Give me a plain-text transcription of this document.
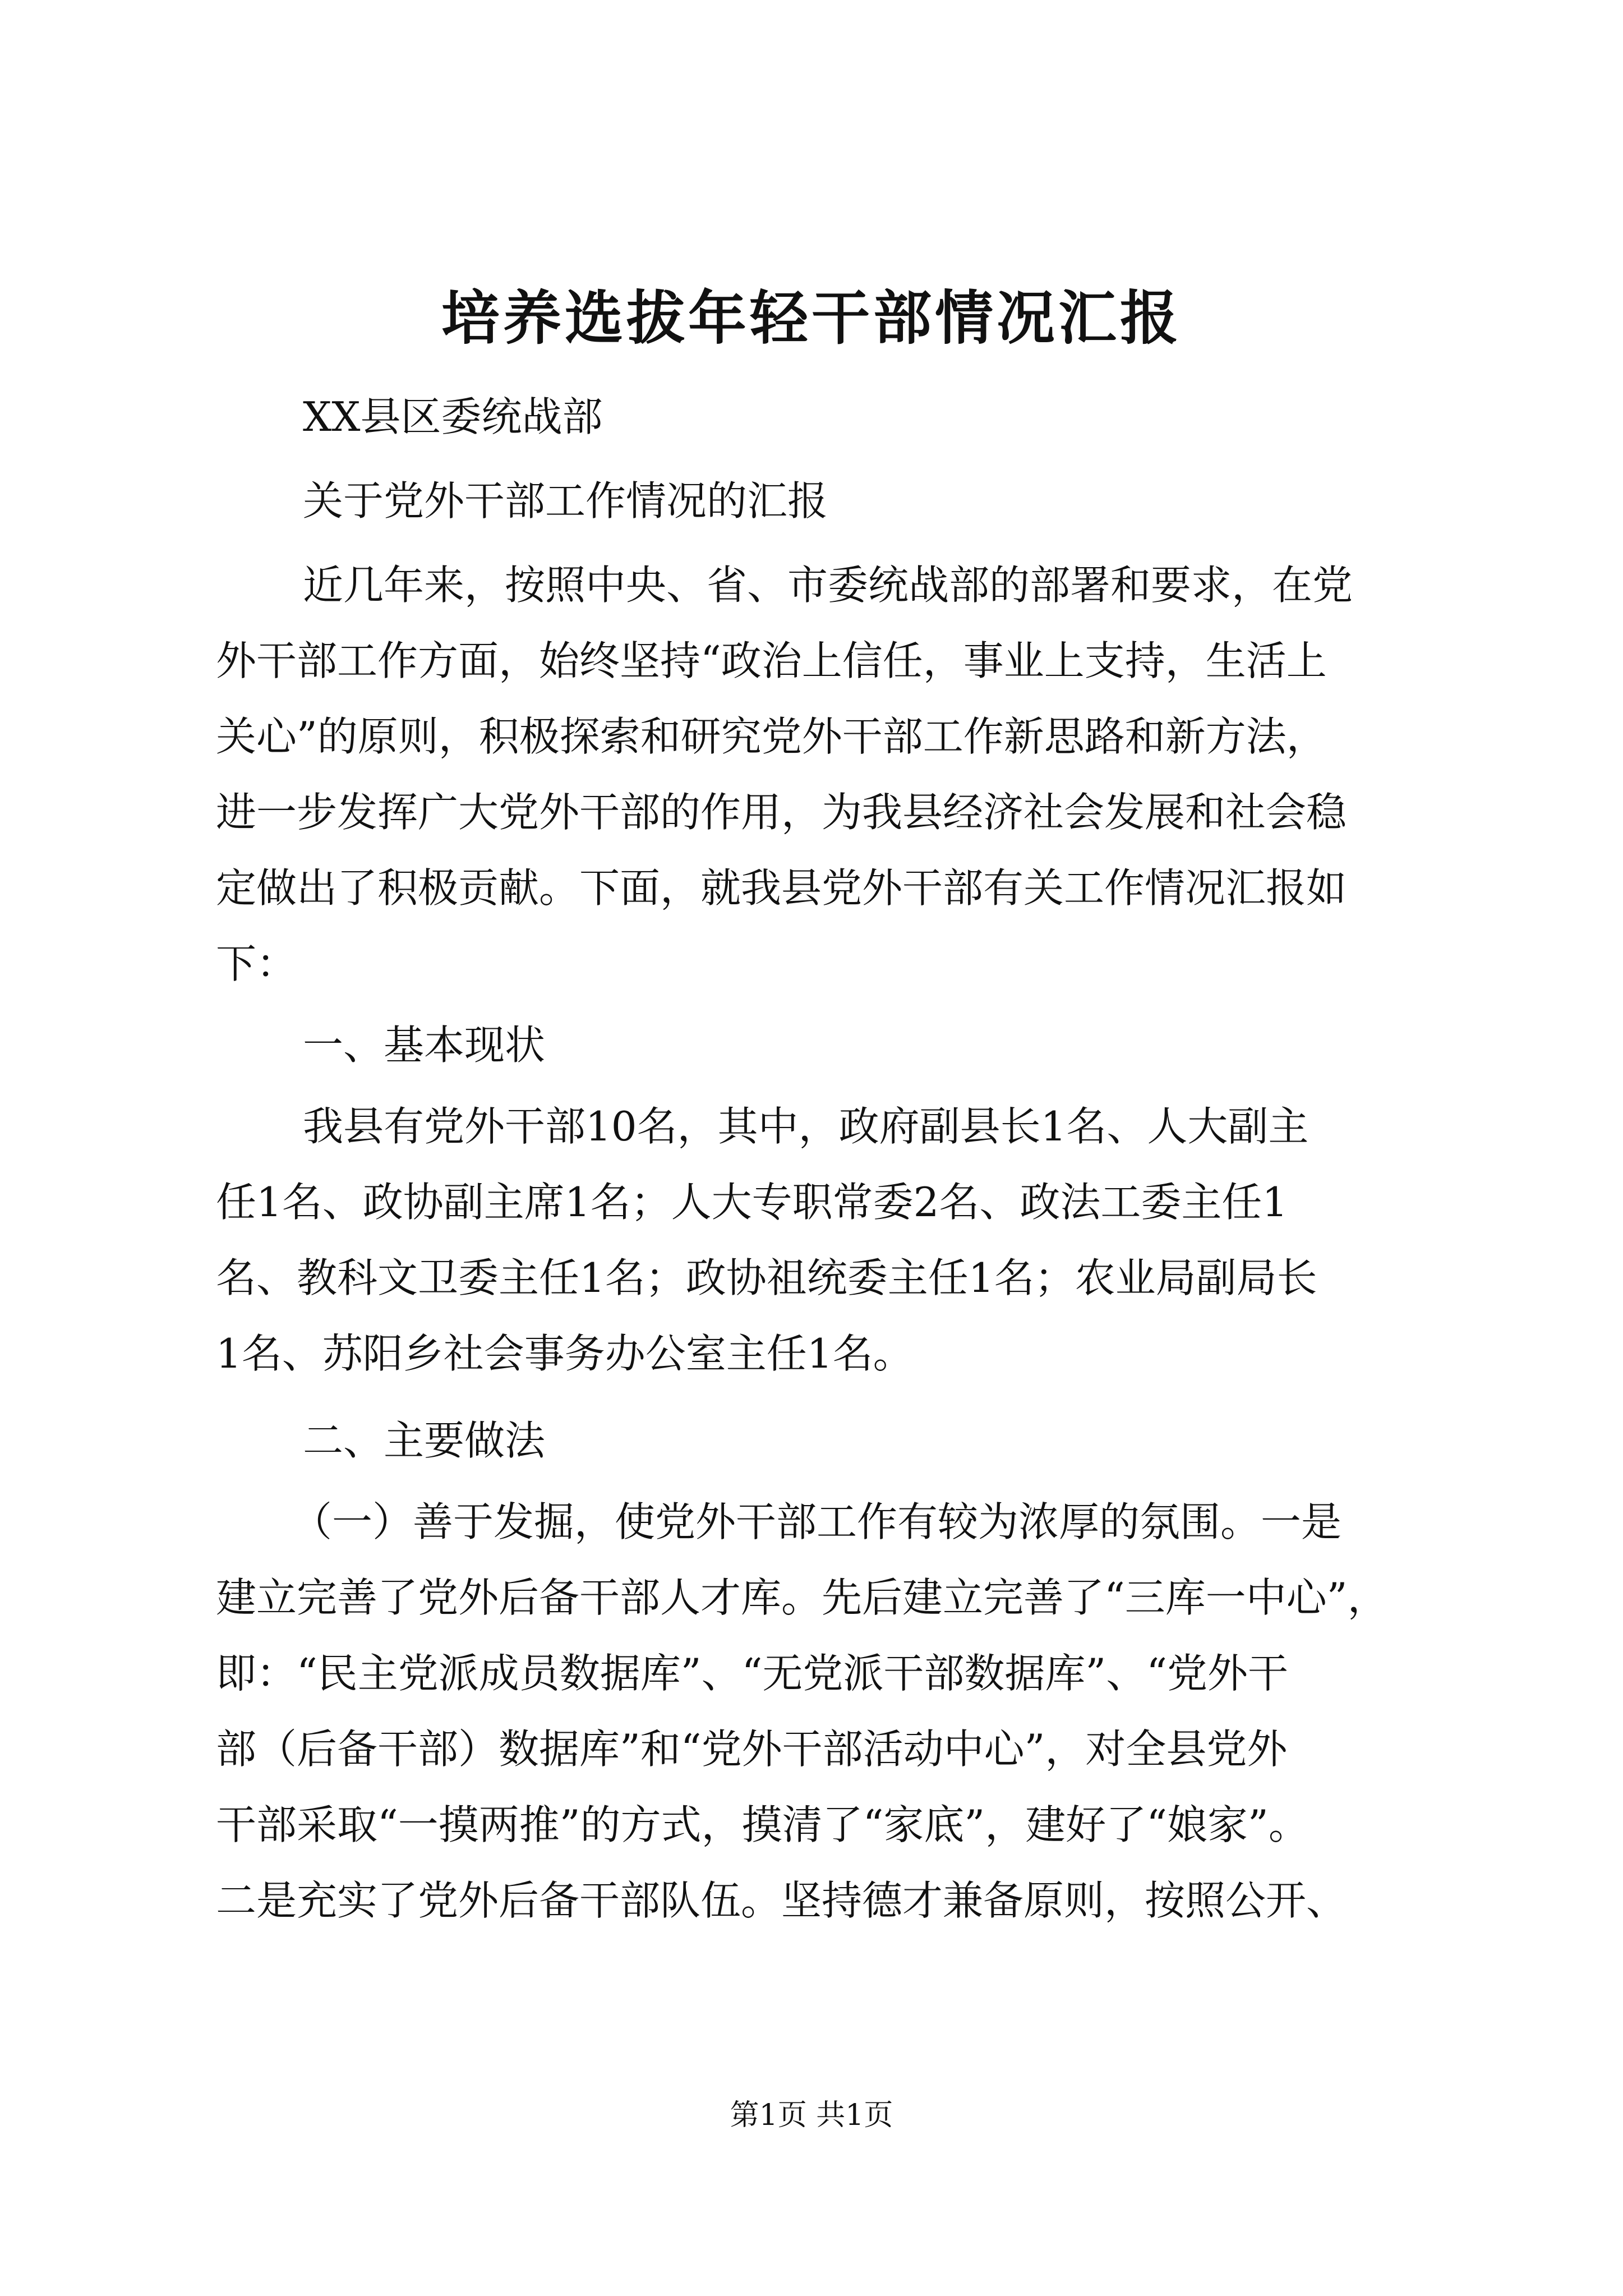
培养选拔年轻干部情况汇报
XX县区委统战部
关于党外干部工作情况的汇报
近几年来，按照中央、省、市委统战部的部署和要求，在党
外干部工作方面，始终坚持“政治上信任，事业上支持，生活上
关心”的原则，积极探索和研究党外干部工作新思路和新方法，
进一步发挥广大党外干部的作用，为我县经济社会发展和社会稳
定做出了积极贡献。下面，就我县党外干部有关工作情况汇报如
下：
一、基本现状
我县有党外干部10名，其中，政府副县长1名、人大副主
任1名、政协副主席1名；人大专职常委2名、政法工委主任1
名、教科文卫委主任1名；政协祖统委主任1名；农业局副局长
1名、苏阳乡社会事务办公室主任1名。
二、主要做法
（一）善于发掘，使党外干部工作有较为浓厚的氛围。一是
建立完善了党外后备干部人才库。先后建立完善了“三库一中心”，
即：“民主党派成员数据库”、“无党派干部数据库”、“党外干
部（后备干部）数据库”和“党外干部活动中心”，对全县党外
干部采取“一摸两推”的方式，摸清了“家底”，建好了“娘家”。
二是充实了党外后备干部队伍。坚持德才兼备原则，按照公开、
第1页 共1页
